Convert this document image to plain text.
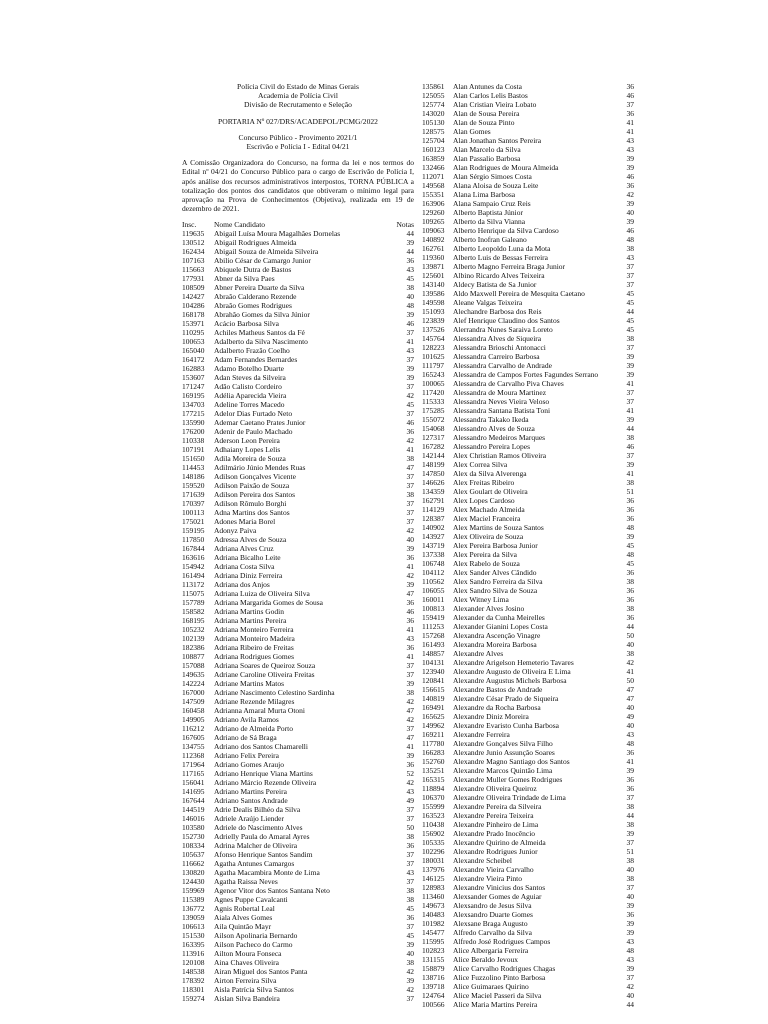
Polícia Civil do Estado de Minas Gerais
Academia de Polícia Civil
Divisão de Recrutamento e Seleção
PORTARIA Nº 027/DRS/ACADEPOL/PCMG/2022
Concurso Público - Provimento 2021/1
Escrivão e Polícia I - Edital 04/21
A Comissão Organizadora do Concurso, na forma da lei e nos termos do Edital nº 04/21 do Concurso Público para o cargo de Escrivão de Polícia I, após análise dos recursos administrativos interpostos, TORNA PÚBLICA a totalização dos pontos dos candidatos que obtiveram o mínimo legal para aprovação na Prova de Conhecimentos (Objetiva), realizada em 19 de dezembro de 2021.
Insc.	Nome Candidato	Notas
119635	Abigail Luísa Moura Magalhães Dornelas	44
130512	Abigail Rodrigues Almeida	39
162434	Abigail Souza de Almeida Silveira	44
107163	Abilio César de Camargo Junior	36
115663	Abiquele Dutra de Bastos	43
177931	Abner da Silva Paes	45
108509	Abner Pereira Duarte da Silva	38
142427	Abraão Calderano Rezende	40
104286	Abraão Gomes Rodrigues	48
168178	Abrahão Gomes da Silva Júnior	39
153971	Acácio Barbosa Silva	46
110295	Achiles Matheus Santos da Fé	37
100653	Adalberto da Silva Nascimento	41
165040	Adalberto Frazão Coelho	43
164172	Adam Fernandes Bernardes	37
162883	Adamo Botelho Duarte	39
153607	Adan Steves da Silveira	39
171247	Adão Calisto Cordeiro	37
169195	Adélia Aparecida Vieira	42
134703	Adeline Torres Macedo	45
177215	Adelor Dias Furtado Neto	37
135990	Ademar Caetano Prates Junior	46
176200	Adenir de Paulo Machado	36
110338	Aderson Leon Pereira	42
107191	Adhaiany Lopes Lelis	41
151650	Adila Moreira de Souza	38
114453	Adilmário Júnio Mendes Ruas	47
148186	Adilson Gonçalves Vicente	37
159520	Adilson Paixão de Souza	37
171639	Adilson Pereira dos Santos	38
170397	Adilson Rômulo Borghi	37
100113	Adna Martins dos Santos	37
175021	Adones Maria Borel	37
159195	Adonyz Paiva	42
117850	Adressa Alves de Souza	40
167844	Adriana Alves Cruz	39
163616	Adriana Bicalho Leite	36
154942	Adriana Costa Silva	41
161494	Adriana Diniz Ferreira	42
113172	Adriana dos Anjos	39
115075	Adriana Luiza de Oliveira Silva	47
157789	Adriana Margarida Gomes de Sousa	36
158582	Adriana Martins Godin	46
168195	Adriana Martins Pereira	36
105232	Adriana Monteiro Ferreira	41
102139	Adriana Monteiro Madeira	43
182386	Adriana Ribeiro de Freitas	36
108877	Adriana Rodrigues Gomes	41
157088	Adriana Soares de Queiroz Souza	37
149635	Adriane Caroline Oliveira Freitas	37
142224	Adriane Martins Matos	39
167000	Adriane Nascimento Celestino Sardinha	38
147509	Adriane Rezende Milagres	42
160458	Adrianna Amaral Murta Otoni	47
149905	Adriano Avila Ramos	42
116212	Adriano de Almeida Porto	37
167605	Adriano de Sá Braga	47
134755	Adriano dos Santos Chamarelli	41
112368	Adriano Felix Pereira	39
171964	Adriano Gomes Araujo	36
117165	Adriano Henrique Viana Martins	52
156041	Adriano Márcio Rezende Oliveira	42
141695	Adriano Martins Pereira	43
167644	Adriano Santos Andrade	49
144519	Adrie Dealis Bilhéo da Silva	37
146016	Adriele Araújo Liender	37
103580	Adriele do Nascimento Alves	50
152730	Adrielly Paula do Amaral Ayres	38
108334	Adrina Malcher de Oliveira	36
105637	Afonso Henrique Santos Sandim	37
116662	Agatha Antunes Camargos	37
130820	Agatha Macambira Monte de Lima	43
124430	Agatha Raissa Neves	37
159969	Agenor Vitor dos Santos Santana Neto	38
115389	Agnes Puppe Cavalcanti	38
136772	Agnis Robertal Leal	45
139059	Aiala Alves Gomes	36
106613	Aila Quintão Mayr	37
151530	Ailson Apolinaria Bernardo	45
163395	Ailson Pacheco do Carmo	39
113916	Ailton Moura Fonseca	40
120108	Aina Chaves Oliveira	38
148538	Airan Miguel dos Santos Panta	42
178392	Airton Ferreira Silva	39
118301	Aisla Patrícia Silva Santos	42
159274	Aislan Silva Bandeira	37
135861	Alan Antunes da Costa	36
125055	Alan Carlos Lelis Bastos	46
125774	Alan Cristian Vieira Lobato	37
143020	Alan de Sousa Pereira	36
105130	Alan de Souza Pinto	41
128575	Alan Gomes	41
125704	Alan Jonathan Santos Pereira	43
160123	Alan Marcelo da Silva	43
163859	Alan Passalio Barbosa	39
132466	Alan Rodrigues de Moura Almeida	39
112071	Alan Sérgio Simoes Costa	46
149568	Alana Aloisa de Souza Leite	36
155351	Alana Lima Barbosa	42
163906	Alana Sampaio Cruz Reis	39
129260	Alberto Baptista Júnior	40
109265	Alberto da Silva Vianna	39
109063	Alberto Henrique da Silva Cardoso	46
140892	Alberto Inofran Galeano	48
162761	Alberto Leopoldo Luna da Mota	38
119360	Alberto Luis de Bessas Ferreira	43
139871	Alberto Magno Ferreira Braga Junior	37
125601	Albino Ricardo Alves Teixeira	37
143140	Aldecy Batista de Sa Junior	37
139586	Aldo Maxwell Pereira de Mesquita Caetano	45
149598	Aleane Valgas Teixeira	45
151093	Alechandre Barbosa dos Reis	44
123839	Alef Henrique Claudino dos Santos	45
137526	Alerrandra Nunes Saraiva Loreto	45
145764	Alessandra Alves de Siqueira	38
128223	Alessandra Brioschi Antonacci	37
101625	Alessandra Carreiro Barbosa	39
111797	Alessandra Carvalho de Andrade	39
165243	Alessandra de Campos Fortes Fagundes Serrano	39
100065	Alessandra de Carvalho Piva Chaves	41
117420	Alessandra de Moura Martinez	37
115333	Alessandra Neves Vieira Veloso	37
175285	Alessandra Santana Batista Toni	41
155072	Alessandra Takako Ikeda	39
154068	Alessandro Alves de Souza	44
127317	Alessandro Medeiros Marques	38
167282	Alessandro Pereira Lopes	46
142144	Alex Christian Ramos Oliveira	37
148199	Alex Correa Silva	39
147850	Alex da Silva Alverenga	41
146626	Alex Freitas Ribeiro	38
134359	Alex Goulart de Oliveira	51
162791	Alex Lopes Cardoso	36
114129	Alex Machado Almeida	36
128387	Alex Maciel Franceira	36
140902	Alex Martins de Souza Santos	48
143927	Alex Oliveira de Souza	39
143719	Alex Pereira Barbosa Junior	45
137338	Alex Pereira da Silva	48
106748	Alex Rabelo de Souza	45
104112	Alex Sander Alves Cândido	36
110562	Alex Sandro Ferreira da Silva	38
106055	Alex Sandro Silva de Souza	36
160011	Alex Witney Lima	36
100813	Alexander Alves Josino	38
159419	Alexander da Cunha Meirelles	36
111253	Alexander Gianini Lopes Costa	44
157268	Alexandra Ascenção Vinagre	50
161493	Alexandra Moreira Barbosa	40
148857	Alexandre Alves	38
104131	Alexandre Arigelson Hemeterio Tavares	42
123940	Alexandre Augusto de Oliveira E Lima	41
120841	Alexandre Augustus Michels Barbosa	50
156615	Alexandre Bastos de Andrade	47
140819	Alexandre César Prado de Siqueira	47
169491	Alexandre da Rocha Barbosa	40
165625	Alexandre Diniz Moreira	49
149962	Alexandre Evaristo Cunha Barbosa	40
169211	Alexandre Ferreira	43
117780	Alexandre Gonçalves Silva Filho	48
166283	Alexandre Junio Assunção Soares	36
152760	Alexandre Magno Santiago dos Santos	41
135251	Alexandre Marcos Quintão Lima	39
165315	Alexandre Muller Gomes Rodrigues	36
118894	Alexandre Oliveira Queiroz	36
106370	Alexandre Oliveira Trindade de Lima	37
155999	Alexandre Pereira da Silveira	38
163523	Alexandre Pereira Teixeira	44
110438	Alexandre Pinheiro de Lima	38
156902	Alexandre Prado Inocêncio	39
105335	Alexandre Quirino de Almeida	37
102296	Alexandre Rodrigues Junior	51
180031	Alexandre Scheibel	38
137976	Alexandre Vieira Carvalho	40
146125	Alexandre Vieira Pinto	38
128983	Alexandre Vinicius dos Santos	37
113460	Alexsander Gomes de Aguiar	40
149673	Alexsandro de Jesus Silva	39
140483	Alexsandro Duarte Gomes	36
101982	Alexsane Braga Augusto	39
145477	Alfredo Carvalho da Silva	39
115995	Alfredo José Rodrigues Campos	43
102823	Alice Albergaria Ferreira	48
131155	Alice Beraldo Jevoux	43
158879	Alice Carvalho Rodrigues Chagas	39
138716	Alice Fuzzolino Pinto Barbosa	37
139718	Alice Guimaraes Quirino	42
124764	Alice Maciel Passeri da Silva	40
100566	Alice Maria Martins Pereira	44
